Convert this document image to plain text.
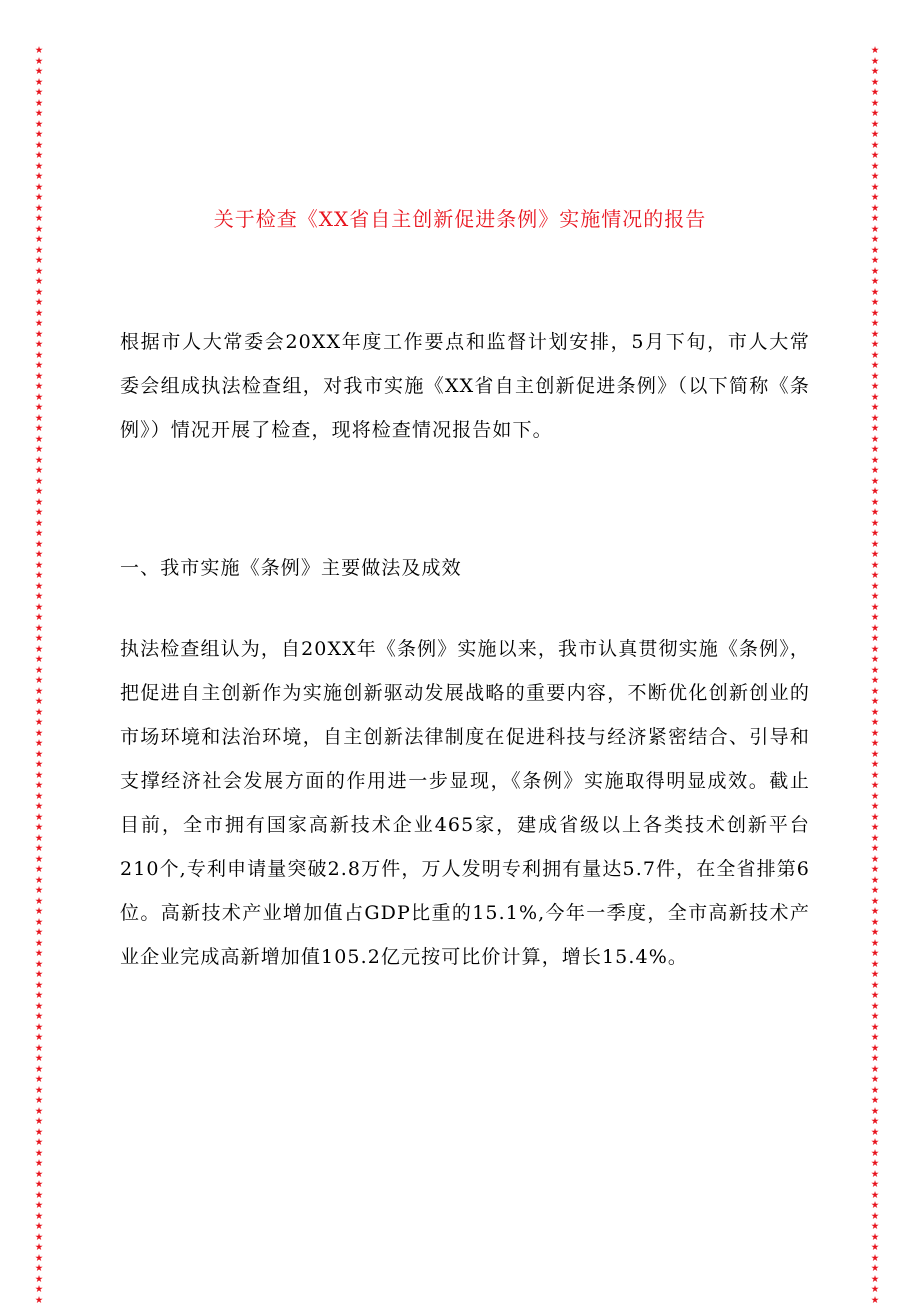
★★★★★★★★★★★★★★★★★★★★★★★★★★★★★★★★★★★★★★★★★★★★★★★★★★★★★★★★★★★★★★★★★★★★★★★★★★★★★★★★★★★★★★★★★★★★★★★★★★★★★★★★★★★★★★★★★★★★★★★★
★★★★★★★★★★★★★★★★★★★★★★★★★★★★★★★★★★★★★★★★★★★★★★★★★★★★★★★★★★★★★★★★★★★★★★★★★★★★★★★★★★★★★★★★★★★★★★★★★★★★★★★★★★★★★★★★★★★★★★★★
关于检查《XX省自主创新促进条例》实施情况的报告
根据市人大常委会20XX年度工作要点和监督计划安排，5月下旬，市人大常委会组成执法检查组，对我市实施《XX省自主创新促进条例》（以下简称《条例》）情况开展了检查，现将检查情况报告如下。
一、我市实施《条例》主要做法及成效
执法检查组认为，自20XX年《条例》实施以来，我市认真贯彻实施《条例》，把促进自主创新作为实施创新驱动发展战略的重要内容，不断优化创新创业的市场环境和法治环境，自主创新法律制度在促进科技与经济紧密结合、引导和支撑经济社会发展方面的作用进一步显现，《条例》实施取得明显成效。截止目前，全市拥有国家高新技术企业465家，建成省级以上各类技术创新平台210个,专利申请量突破2.8万件，万人发明专利拥有量达5.7件，在全省排第6位。高新技术产业增加值占GDP比重的15.1%,今年一季度，全市高新技术产业企业完成高新增加值105.2亿元按可比价计算，增长15.4%。
